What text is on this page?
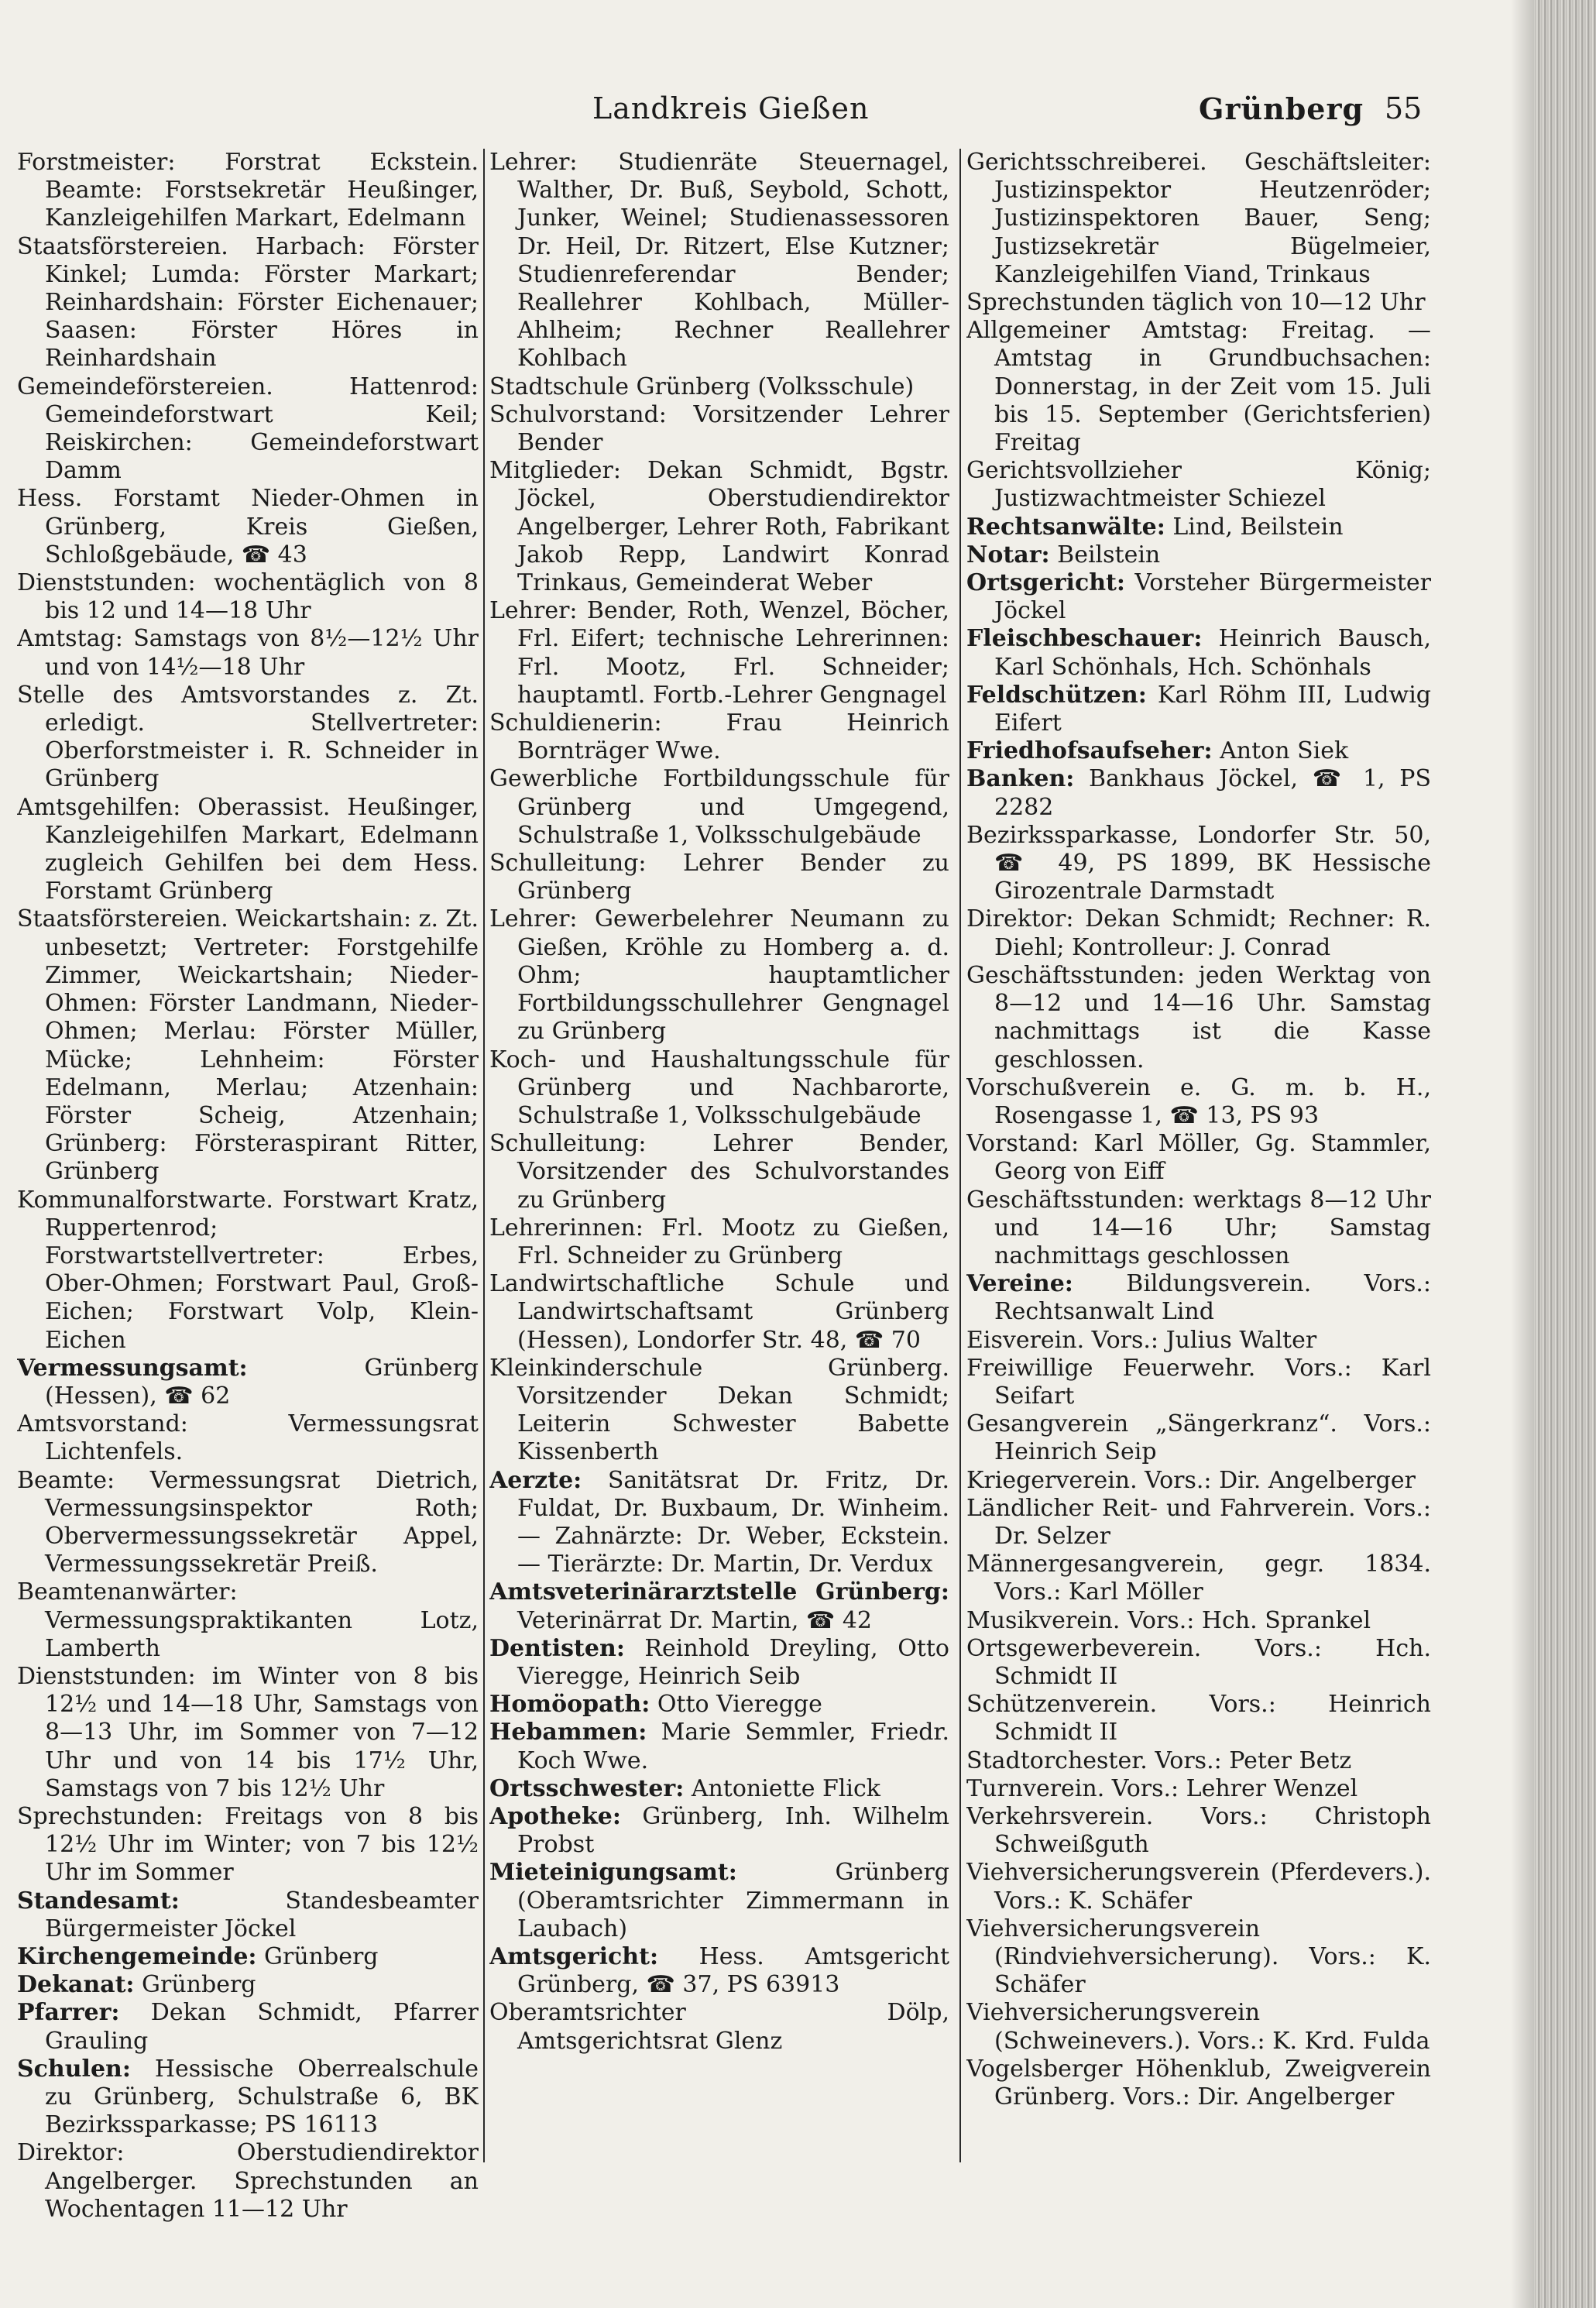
Landkreis Gießen	Grünberg 55

Forstmeister: Forstrat Eckstein. Beamte: Forstsekretär Heußinger, Kanzleigehilfen Markart, Edelmann

Staatsförstereien. Harbach: Förster Kinkel; Lumda: Förster Markart; Reinhardshain: Förster Eichenauer; Saasen: Förster Höres in Reinhardshain

Gemeindeförstereien. Hattenrod: Gemeindeforstwart Keil; Reiskirchen: Gemeindeforstwart Damm

Hess. Forstamt Nieder-Ohmen in Grünberg, Kreis Gießen, Schloßgebäude, ☎ 43

Dienststunden: wochentäglich von 8 bis 12 und 14—18 Uhr

Amtstag: Samstags von 8½—12½ Uhr und von 14½—18 Uhr

Stelle des Amtsvorstandes z. Zt. erledigt. Stellvertreter: Oberforstmeister i. R. Schneider in Grünberg

Amtsgehilfen: Oberassist. Heußinger, Kanzleigehilfen Markart, Edelmann zugleich Gehilfen bei dem Hess. Forstamt Grünberg

Staatsförstereien. Weickartshain: z. Zt. unbesetzt; Vertreter: Forstgehilfe Zimmer, Weickartshain; Nieder-Ohmen: Förster Landmann, Nieder-Ohmen; Merlau: Förster Müller, Mücke; Lehnheim: Förster Edelmann, Merlau; Atzenhain: Förster Scheig, Atzenhain; Grünberg: Försteraspirant Ritter, Grünberg

Kommunalforstwarte. Forstwart Kratz, Ruppertenrod; Forstwartstellvertreter: Erbes, Ober-Ohmen; Forstwart Paul, Groß-Eichen; Forstwart Volp, Klein-Eichen

Vermessungsamt: Grünberg (Hessen), ☎ 62

Amtsvorstand: Vermessungsrat Lichtenfels.

Beamte: Vermessungsrat Dietrich, Vermessungsinspektor Roth; Obervermessungssekretär Appel, Vermessungssekretär Preiß.

Beamtenanwärter: Vermessungspraktikanten Lotz, Lamberth

Dienststunden: im Winter von 8 bis 12½ und 14—18 Uhr, Samstags von 8—13 Uhr, im Sommer von 7—12 Uhr und von 14 bis 17½ Uhr, Samstags von 7 bis 12½ Uhr

Sprechstunden: Freitags von 8 bis 12½ Uhr im Winter; von 7 bis 12½ Uhr im Sommer

Standesamt: Standesbeamter Bürgermeister Jöckel

Kirchengemeinde: Grünberg

Dekanat: Grünberg

Pfarrer: Dekan Schmidt, Pfarrer Grauling

Schulen: Hessische Oberrealschule zu Grünberg, Schulstraße 6, BK Bezirkssparkasse; PS 16113

Direktor: Oberstudiendirektor Angelberger. Sprechstunden an Wochentagen 11—12 Uhr

Lehrer: Studienräte Steuernagel, Walther, Dr. Buß, Seybold, Schott, Junker, Weinel; Studienassessoren Dr. Heil, Dr. Ritzert, Else Kutzner; Studienreferendar Bender; Reallehrer Kohlbach, Müller-Ahlheim; Rechner Reallehrer Kohlbach

Stadtschule Grünberg (Volksschule)

Schulvorstand: Vorsitzender Lehrer Bender

Mitglieder: Dekan Schmidt, Bgstr. Jöckel, Oberstudiendirektor Angelberger, Lehrer Roth, Fabrikant Jakob Repp, Landwirt Konrad Trinkaus, Gemeinderat Weber

Lehrer: Bender, Roth, Wenzel, Böcher, Frl. Eifert; technische Lehrerinnen: Frl. Mootz, Frl. Schneider; hauptamtl. Fortb.-Lehrer Gengnagel

Schuldienerin: Frau Heinrich Bornträger Wwe.

Gewerbliche Fortbildungsschule für Grünberg und Umgegend, Schulstraße 1, Volksschulgebäude

Schulleitung: Lehrer Bender zu Grünberg

Lehrer: Gewerbelehrer Neumann zu Gießen, Kröhle zu Homberg a. d. Ohm; hauptamtlicher Fortbildungsschullehrer Gengnagel zu Grünberg

Koch- und Haushaltungsschule für Grünberg und Nachbarorte, Schulstraße 1, Volksschulgebäude

Schulleitung: Lehrer Bender, Vorsitzender des Schulvorstandes zu Grünberg

Lehrerinnen: Frl. Mootz zu Gießen, Frl. Schneider zu Grünberg

Landwirtschaftliche Schule und Landwirtschaftsamt Grünberg (Hessen), Londorfer Str. 48, ☎ 70

Kleinkinderschule Grünberg. Vorsitzender Dekan Schmidt; Leiterin Schwester Babette Kissenberth

Aerzte: Sanitätsrat Dr. Fritz, Dr. Fuldat, Dr. Buxbaum, Dr. Winheim. — Zahnärzte: Dr. Weber, Eckstein. — Tierärzte: Dr. Martin, Dr. Verdux

Amtsveterinärarztstelle Grünberg: Veterinärrat Dr. Martin, ☎ 42

Dentisten: Reinhold Dreyling, Otto Vieregge, Heinrich Seib

Homöopath: Otto Vieregge

Hebammen: Marie Semmler, Friedr. Koch Wwe.

Ortsschwester: Antoniette Flick

Apotheke: Grünberg, Inh. Wilhelm Probst

Mieteinigungsamt: Grünberg (Oberamtsrichter Zimmermann in Laubach)

Amtsgericht: Hess. Amtsgericht Grünberg, ☎ 37, PS 63913

Oberamtsrichter Dölp, Amtsgerichtsrat Glenz

Gerichtsschreiberei. Geschäftsleiter: Justizinspektor Heutzenröder; Justizinspektoren Bauer, Seng; Justizsekretär Bügelmeier, Kanzleigehilfen Viand, Trinkaus

Sprechstunden täglich von 10—12 Uhr

Allgemeiner Amtstag: Freitag. — Amtstag in Grundbuchsachen: Donnerstag, in der Zeit vom 15. Juli bis 15. September (Gerichtsferien) Freitag

Gerichtsvollzieher König; Justizwachtmeister Schiezel

Rechtsanwälte: Lind, Beilstein

Notar: Beilstein

Ortsgericht: Vorsteher Bürgermeister Jöckel

Fleischbeschauer: Heinrich Bausch, Karl Schönhals, Hch. Schönhals

Feldschützen: Karl Röhm III, Ludwig Eifert

Friedhofsaufseher: Anton Siek

Banken: Bankhaus Jöckel, ☎ 1, PS 2282

Bezirkssparkasse, Londorfer Str. 50, ☎ 49, PS 1899, BK Hessische Girozentrale Darmstadt

Direktor: Dekan Schmidt; Rechner: R. Diehl; Kontrolleur: J. Conrad

Geschäftsstunden: jeden Werktag von 8—12 und 14—16 Uhr. Samstag nachmittags ist die Kasse geschlossen.

Vorschußverein e. G. m. b. H., Rosengasse 1, ☎ 13, PS 93

Vorstand: Karl Möller, Gg. Stammler, Georg von Eiff

Geschäftsstunden: werktags 8—12 Uhr und 14—16 Uhr; Samstag nachmittags geschlossen

Vereine: Bildungsverein. Vors.: Rechtsanwalt Lind

Eisverein. Vors.: Julius Walter

Freiwillige Feuerwehr. Vors.: Karl Seifart

Gesangverein „Sängerkranz“. Vors.: Heinrich Seip

Kriegerverein. Vors.: Dir. Angelberger

Ländlicher Reit- und Fahrverein. Vors.: Dr. Selzer

Männergesangverein, gegr. 1834. Vors.: Karl Möller

Musikverein. Vors.: Hch. Sprankel

Ortsgewerbeverein. Vors.: Hch. Schmidt II

Schützenverein. Vors.: Heinrich Schmidt II

Stadtorchester. Vors.: Peter Betz

Turnverein. Vors.: Lehrer Wenzel

Verkehrsverein. Vors.: Christoph Schweißguth

Viehversicherungsverein (Pferdevers.). Vors.: K. Schäfer

Viehversicherungsverein (Rindviehversicherung). Vors.: K. Schäfer

Viehversicherungsverein (Schweinevers.). Vors.: K. Krd. Fulda

Vogelsberger Höhenklub, Zweigverein Grünberg. Vors.: Dir. Angelberger
